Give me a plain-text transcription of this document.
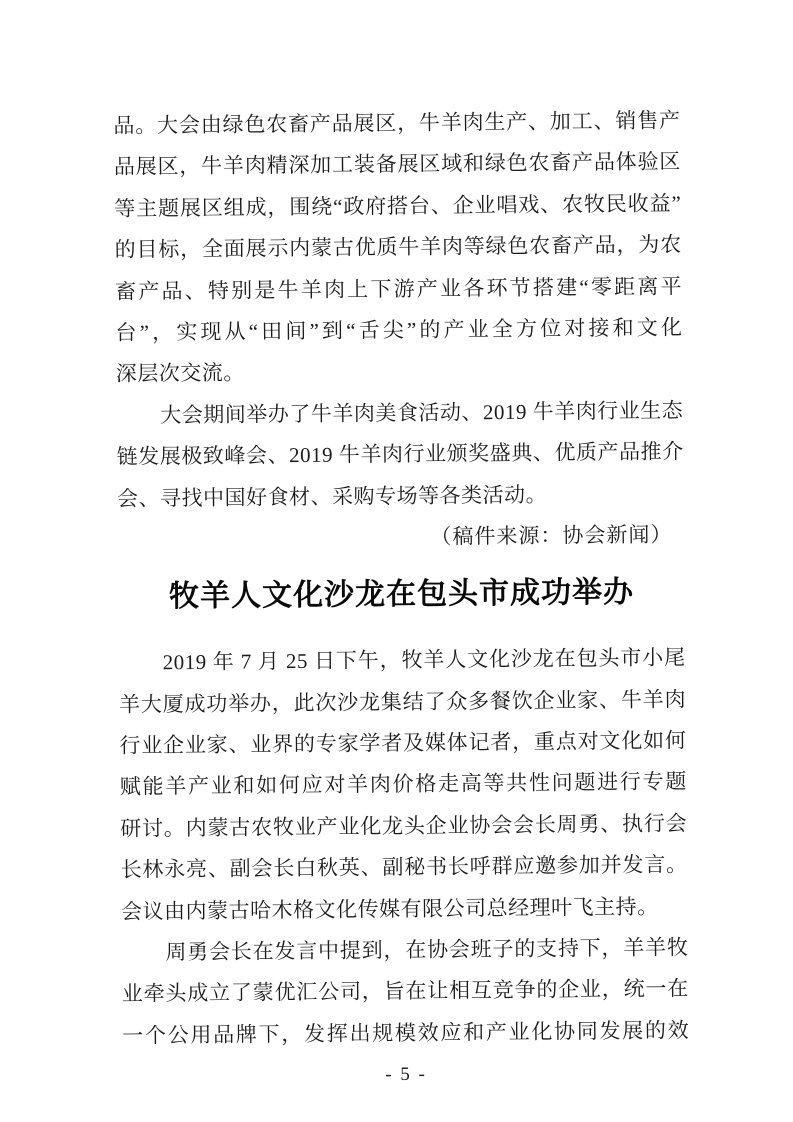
品。大会由绿色农畜产品展区，牛羊肉生产、加工、销售产
品展区，牛羊肉精深加工装备展区域和绿色农畜产品体验区
等主题展区组成，围绕“政府搭台、企业唱戏、农牧民收益”
的目标，全面展示内蒙古优质牛羊肉等绿色农畜产品，为农
畜产品、特别是牛羊肉上下游产业各环节搭建“零距离平
台”，实现从“田间”到“舌尖”的产业全方位对接和文化
深层次交流。
大会期间举办了牛羊肉美食活动、2019 牛羊肉行业生态
链发展极致峰会、2019 牛羊肉行业颁奖盛典、优质产品推介
会、寻找中国好食材、采购专场等各类活动。
（稿件来源：协会新闻）
牧羊人文化沙龙在包头市成功举办
2019 年 7 月 25 日下午，牧羊人文化沙龙在包头市小尾
羊大厦成功举办，此次沙龙集结了众多餐饮企业家、牛羊肉
行业企业家、业界的专家学者及媒体记者，重点对文化如何
赋能羊产业和如何应对羊肉价格走高等共性问题进行专题
研讨。内蒙古农牧业产业化龙头企业协会会长周勇、执行会
长林永亮、副会长白秋英、副秘书长呼群应邀参加并发言。
会议由内蒙古哈木格文化传媒有限公司总经理叶飞主持。
周勇会长在发言中提到，在协会班子的支持下，羊羊牧
业牵头成立了蒙优汇公司，旨在让相互竞争的企业，统一在
一个公用品牌下，发挥出规模效应和产业化协同发展的效
- 5 -
